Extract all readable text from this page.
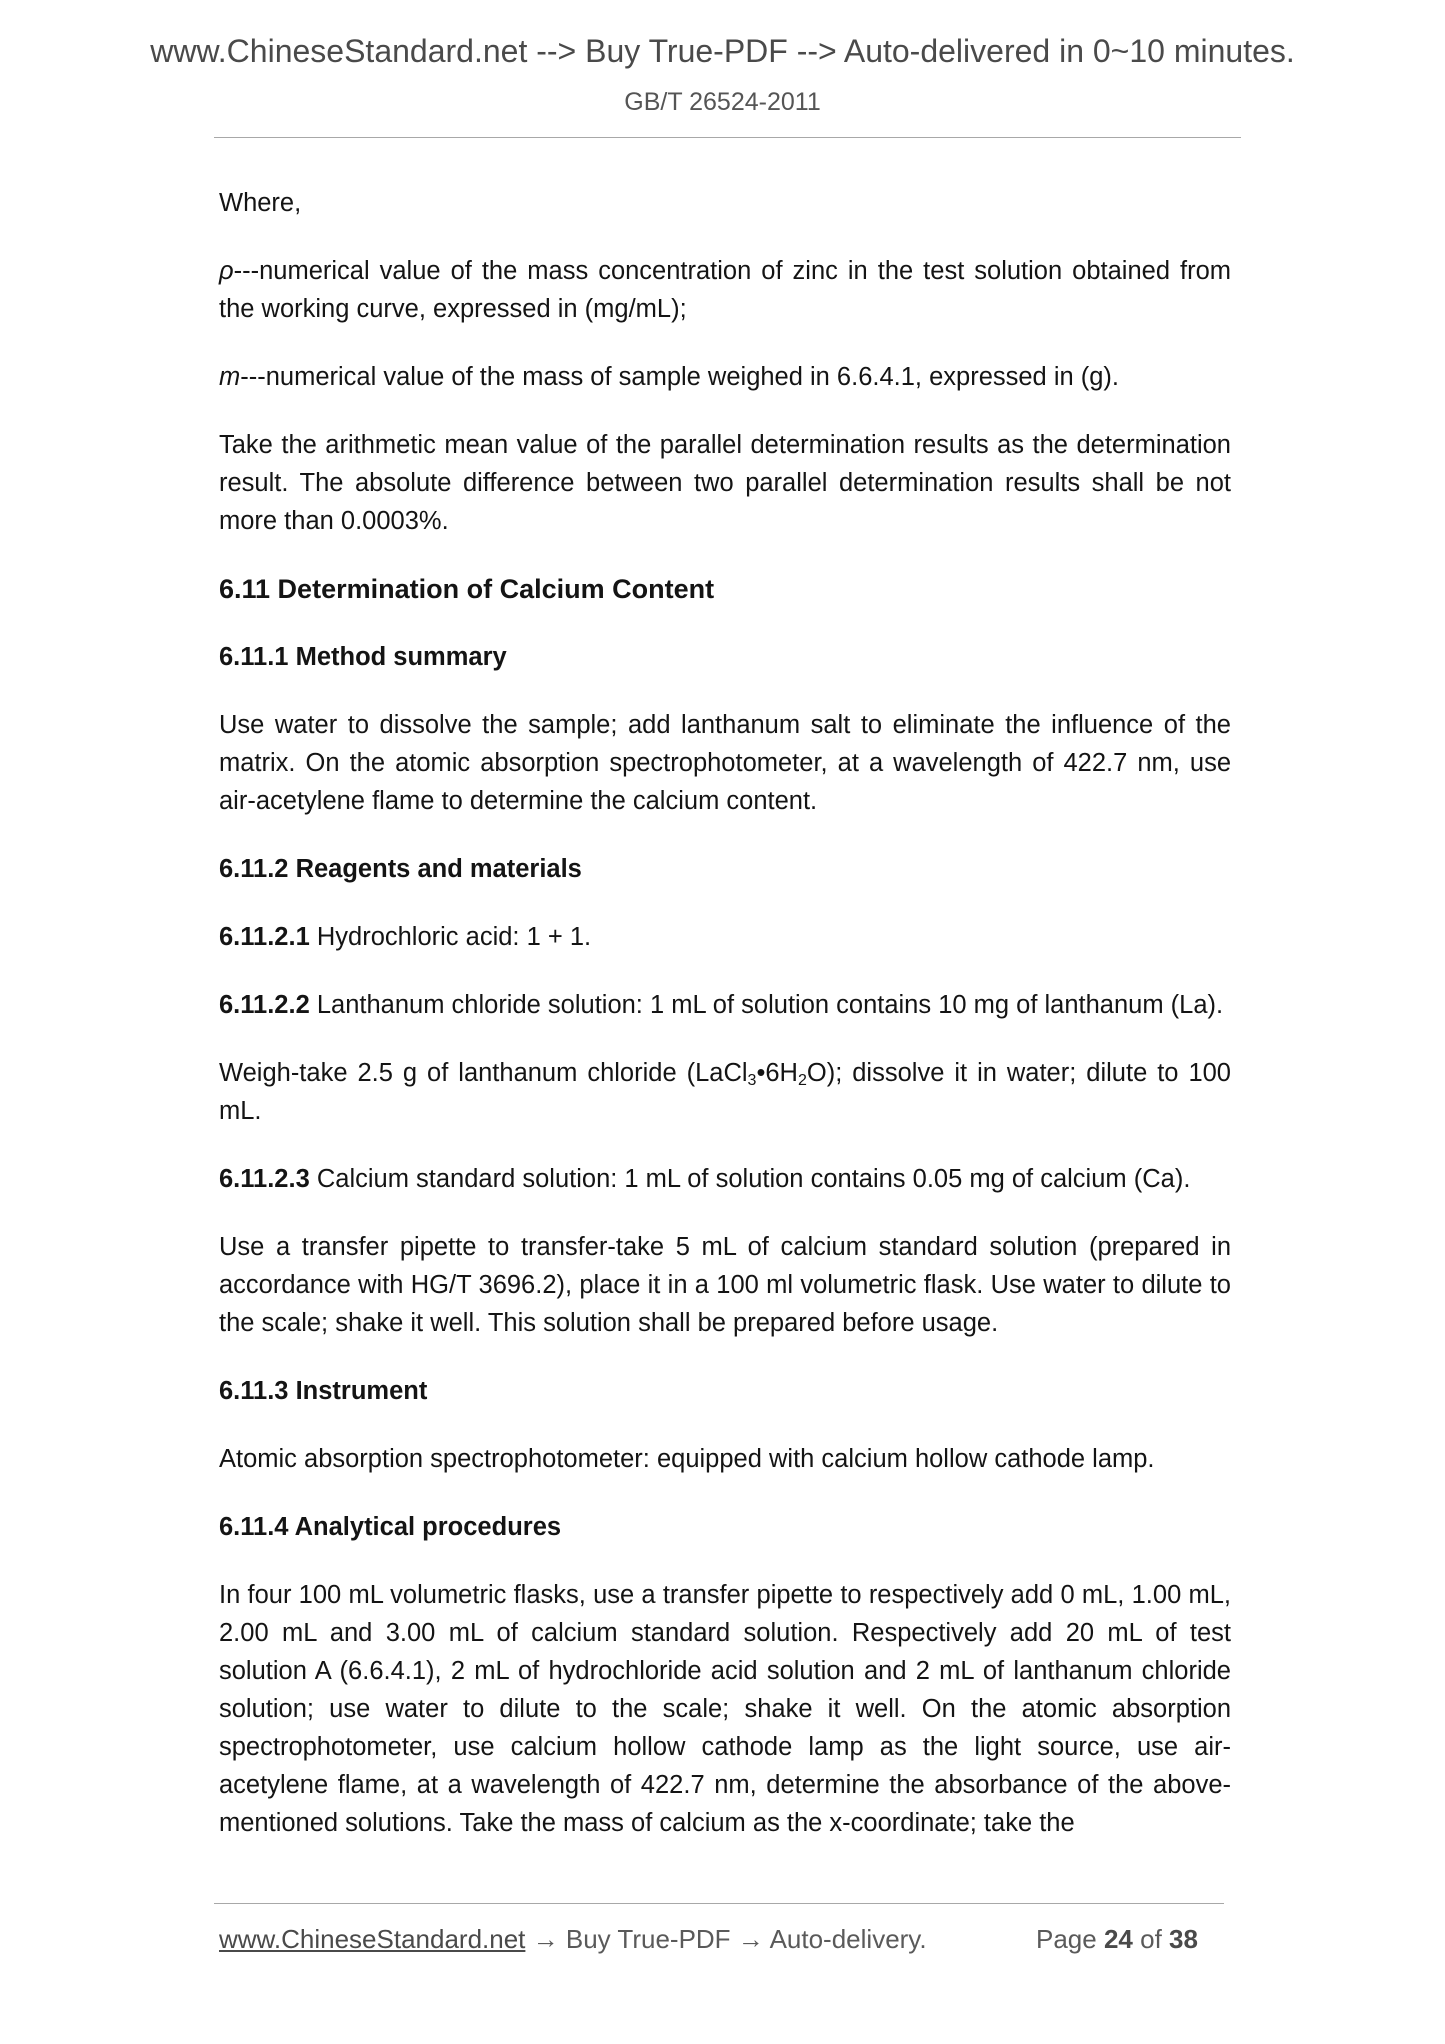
www.ChineseStandard.net --> Buy True-PDF --> Auto-delivered in 0~10 minutes.
GB/T 26524-2011

Where,

ρ---numerical value of the mass concentration of zinc in the test solution obtained from the working curve, expressed in (mg/mL);

m---numerical value of the mass of sample weighed in 6.6.4.1, expressed in (g).

Take the arithmetic mean value of the parallel determination results as the determination result. The absolute difference between two parallel determination results shall be not more than 0.0003%.

6.11 Determination of Calcium Content

6.11.1 Method summary

Use water to dissolve the sample; add lanthanum salt to eliminate the influence of the matrix. On the atomic absorption spectrophotometer, at a wavelength of 422.7 nm, use air-acetylene flame to determine the calcium content.

6.11.2 Reagents and materials

6.11.2.1 Hydrochloric acid: 1 + 1.

6.11.2.2 Lanthanum chloride solution: 1 mL of solution contains 10 mg of lanthanum (La).

Weigh-take 2.5 g of lanthanum chloride $(LaCl_3•6H_2O)$; dissolve it in water; dilute to 100 mL.

6.11.2.3 Calcium standard solution: 1 mL of solution contains 0.05 mg of calcium (Ca).

Use a transfer pipette to transfer-take 5 mL of calcium standard solution (prepared in accordance with HG/T 3696.2), place it in a 100 ml volumetric flask. Use water to dilute to the scale; shake it well. This solution shall be prepared before usage.

6.11.3 Instrument

Atomic absorption spectrophotometer: equipped with calcium hollow cathode lamp.

6.11.4 Analytical procedures

In four 100 mL volumetric flasks, use a transfer pipette to respectively add 0 mL, 1.00 mL, 2.00 mL and 3.00 mL of calcium standard solution. Respectively add 20 mL of test solution A (6.6.4.1), 2 mL of hydrochloride acid solution and 2 mL of lanthanum chloride solution; use water to dilute to the scale; shake it well. On the atomic absorption spectrophotometer, use calcium hollow cathode lamp as the light source, use air-acetylene flame, at a wavelength of 422.7 nm, determine the absorbance of the above-mentioned solutions. Take the mass of calcium as the x-coordinate; take the

www.ChineseStandard.net → Buy True-PDF → Auto-delivery.	Page 24 of 38
